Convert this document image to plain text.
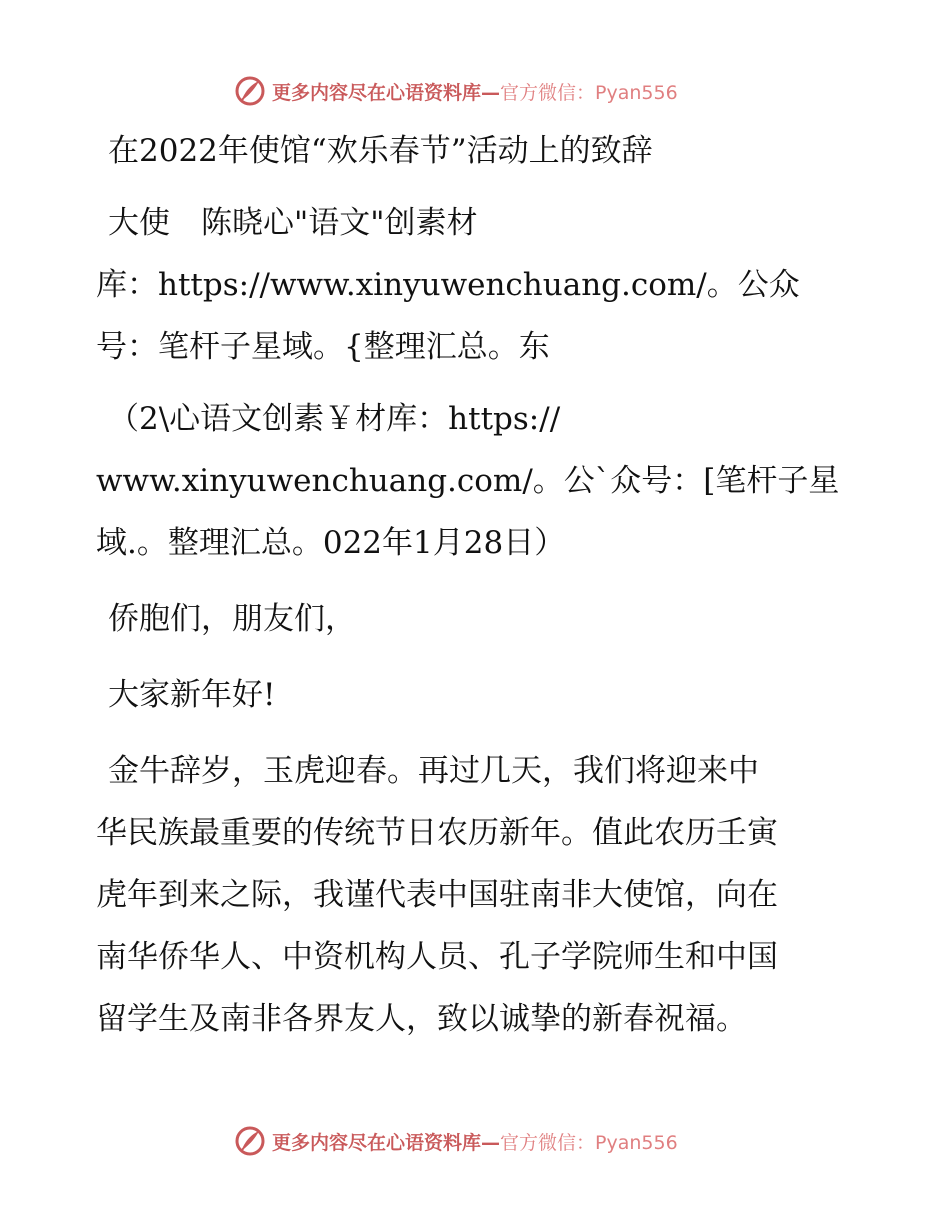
更多内容尽在心语资料库— 官方微信：Pyan556
在2022年使馆“欢乐春节”活动上的致辞
大使　陈晓心"语文"创素材
库：https://www.xinyuwenchuang.com/。公众
号：笔杆子星域。{整理汇总。东
（2\心语文创素￥材库：https://
www.xinyuwenchuang.com/。公`众号：[笔杆子星
域.。整理汇总。022年1月28日）
侨胞们，朋友们，
大家新年好!
金牛辞岁，玉虎迎春。再过几天，我们将迎来中
华民族最重要的传统节日农历新年。值此农历壬寅
虎年到来之际，我谨代表中国驻南非大使馆，向在
南华侨华人、中资机构人员、孔子学院师生和中国
留学生及南非各界友人，致以诚挚的新春祝福。
更多内容尽在心语资料库— 官方微信：Pyan556
